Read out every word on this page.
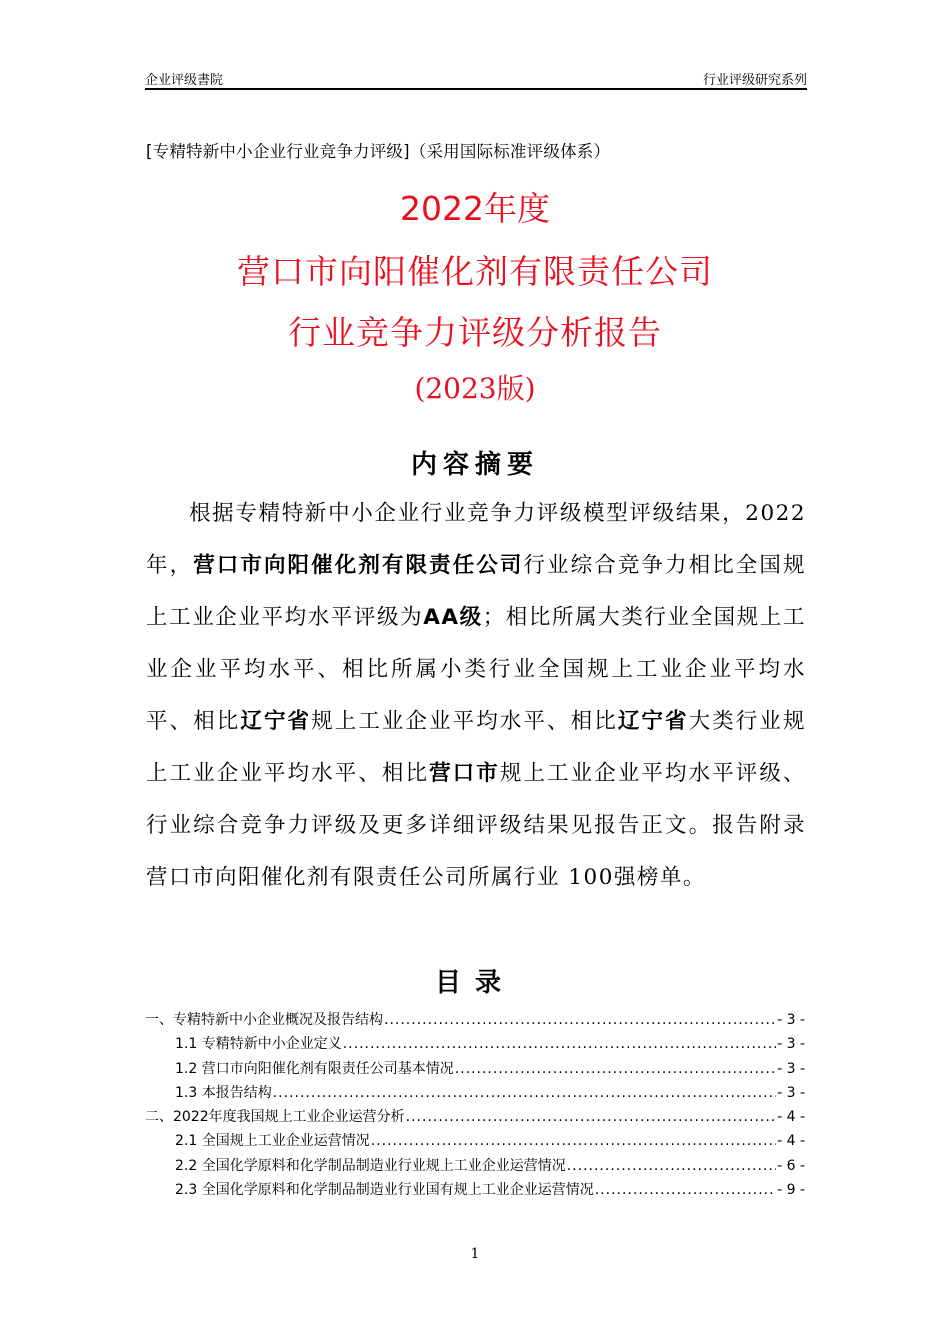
企业评级書院	行业评级研究系列
[专精特新中小企业行业竞争力评级]（采用国际标准评级体系）
2022年度
营口市向阳催化剂有限责任公司
行业竞争力评级分析报告
(2023版)
内容摘要
根据专精特新中小企业行业竞争力评级模型评级结果，2022年，营口市向阳催化剂有限责任公司行业综合竞争力相比全国规上工业企业平均水平评级为AA级；相比所属大类行业全国规上工业企业平均水平、相比所属小类行业全国规上工业企业平均水平、相比辽宁省规上工业企业平均水平、相比辽宁省大类行业规上工业企业平均水平、相比营口市规上工业企业平均水平评级、行业综合竞争力评级及更多详细评级结果见报告正文。报告附录营口市向阳催化剂有限责任公司所属行业 100强榜单。
目录
一、专精特新中小企业概况及报告结构 .....	- 3 -
1.1 专精特新中小企业定义 .....	- 3 -
1.2 营口市向阳催化剂有限责任公司基本情况 .....	- 3 -
1.3 本报告结构 .....	- 3 -
二、2022年度我国规上工业企业运营分析 .....	- 4 -
2.1 全国规上工业企业运营情况 .....	- 4 -
2.2 全国化学原料和化学制品制造业行业规上工业企业运营情况 .....	- 6 -
2.3 全国化学原料和化学制品制造业行业国有规上工业企业运营情况 .....	- 9 -
1
